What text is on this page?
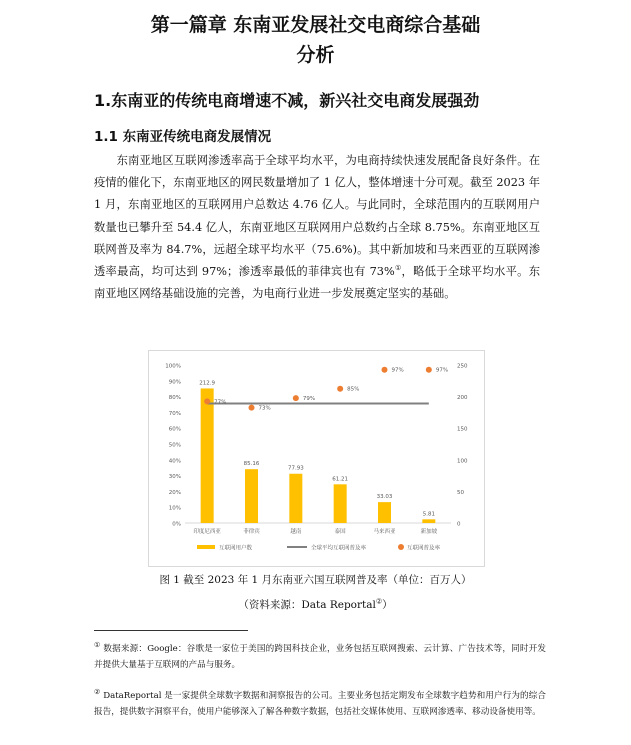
第一篇章 东南亚发展社交电商综合基础
分析
1.东南亚的传统电商增速不减，新兴社交电商发展强劲
1.1 东南亚传统电商发展情况
东南亚地区互联网渗透率高于全球平均水平，为电商持续快速发展配备良好条件。在疫情的催化下，东南亚地区的网民数量增加了 1 亿人，整体增速十分可观。截至 2023 年 1 月，东南亚地区的互联网用户总数达 4.76 亿人。与此同时，全球范围内的互联网用户数量也已攀升至 54.4 亿人，东南亚地区互联网用户总数约占全球 8.75%。东南亚地区互联网普及率为 84.7%，远超全球平均水平（75.6%)。其中新加坡和马来西亚的互联网渗透率最高，均可达到 97%；渗透率最低的菲律宾也有 73%①，略低于全球平均水平。东南亚地区网络基础设施的完善，为电商行业进一步发展奠定坚实的基础。
0%
10%
20%
30%
40%
50%
60%
70%
80%
90%
100%
0
50
100
150
200
250
212.9
印度尼西亚
85.16
菲律宾
77.93
越南
61.21
泰国
33.03
马来西亚
5.81
新加坡
77%
73%
79%
85%
97%	97%
互联网用户数	全球平均互联网普及率	互联网普及率
图 1 截至 2023 年 1 月东南亚六国互联网普及率（单位：百万人）
（资料来源：Data Reportal②）
① 数据来源：Google：谷歌是一家位于美国的跨国科技企业，业务包括互联网搜索、云计算、广告技术等，同时开发并提供大量基于互联网的产品与服务。
② DataReportal 是一家提供全球数字数据和洞察报告的公司。主要业务包括定期发布全球数字趋势和用户行为的综合报告，提供数字洞察平台，使用户能够深入了解各种数字数据，包括社交媒体使用、互联网渗透率、移动设备使用等。
